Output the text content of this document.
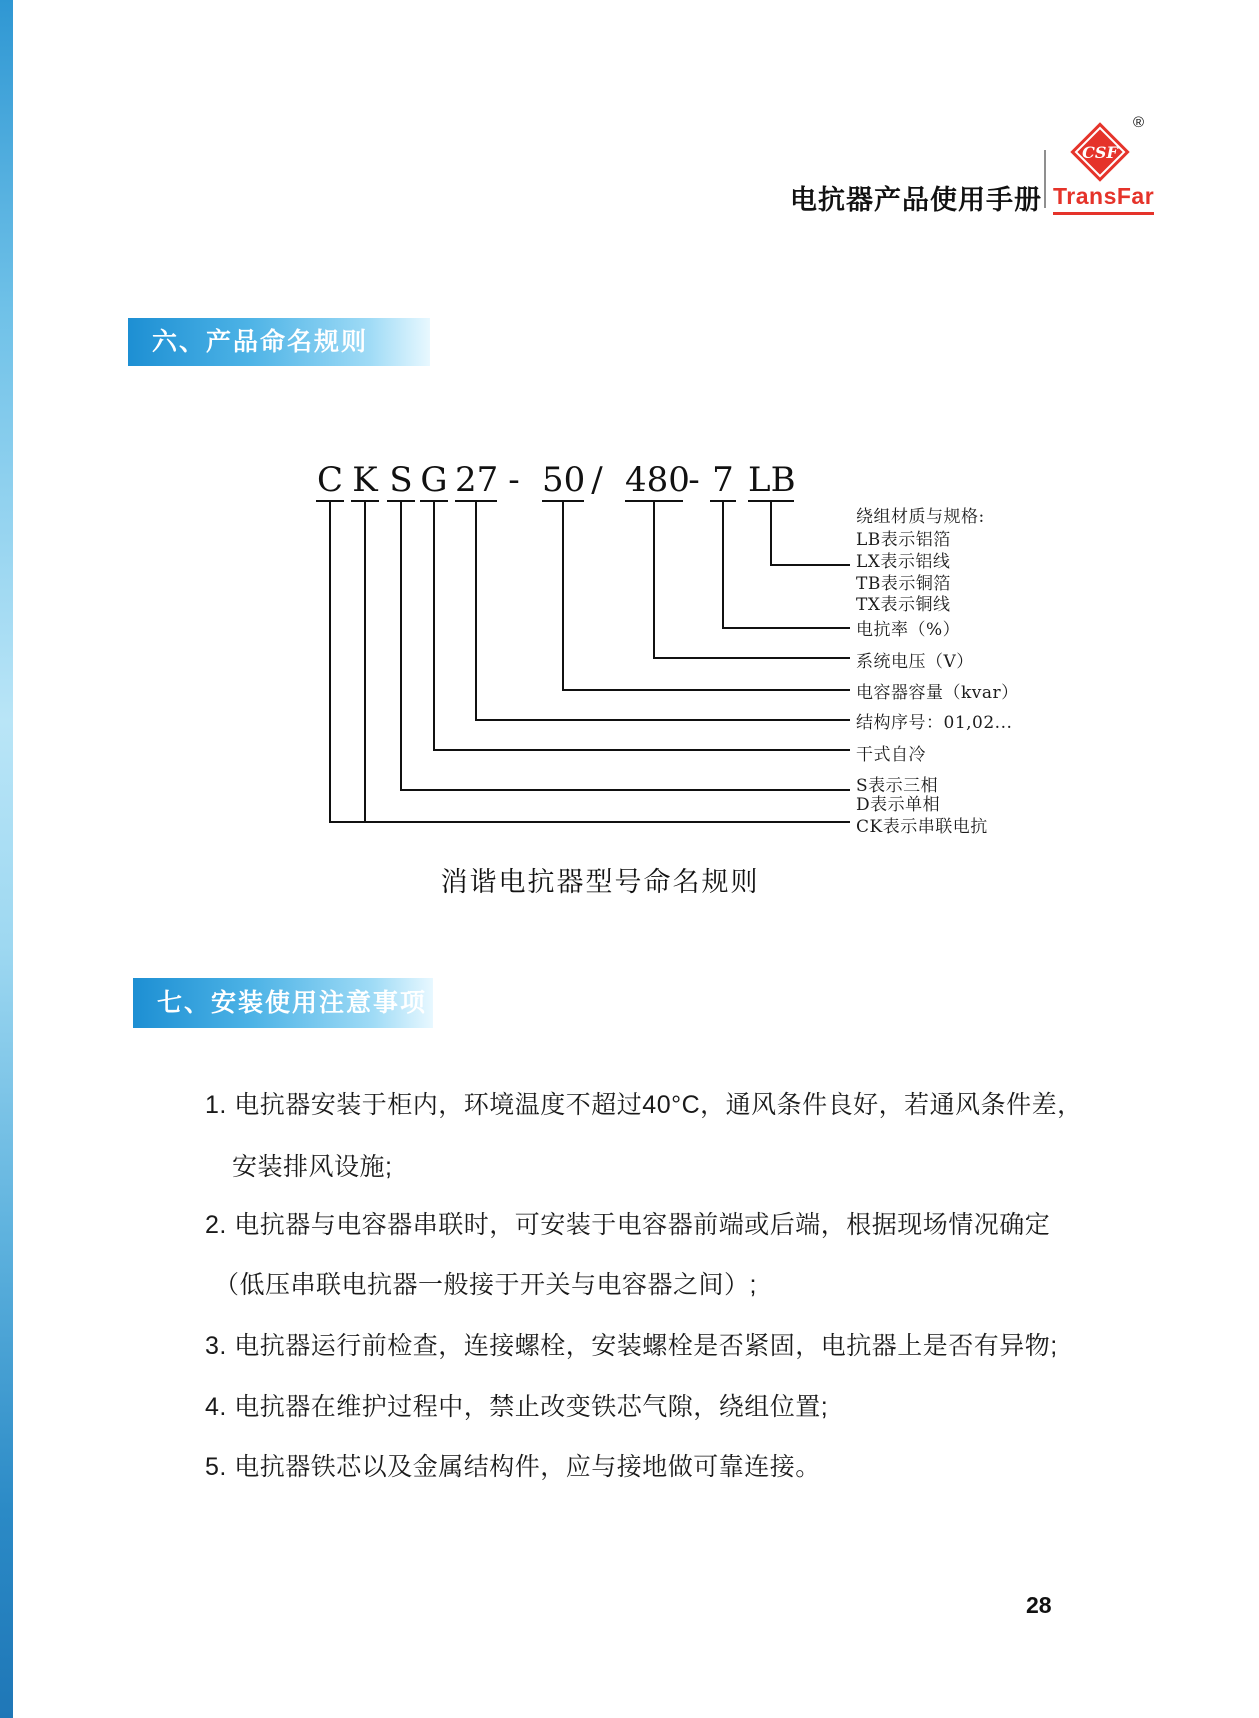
电抗器产品使用手册
CSF
®
TransFar
六、产品命名规则
C K S G 27 - 50 / 480
- 7 LB
绕组材质与规格:
LB表示铝箔
LX表示铝线
TB表示铜箔
TX表示铜线
电抗率（%）
系统电压（V）
电容器容量（kvar）
结构序号：01,02...
干式自冷
S表示三相
D表示单相
CK表示串联电抗
消谐电抗器型号命名规则
七、安装使用注意事项
1. 电抗器安装于柜内，环境温度不超过40°C，通风条件良好，若通风条件差，
安装排风设施;
2. 电抗器与电容器串联时，可安装于电容器前端或后端，根据现场情况确定
（低压串联电抗器一般接于开关与电容器之间）;
3. 电抗器运行前检查，连接螺栓，安装螺栓是否紧固，电抗器上是否有异物;
4. 电抗器在维护过程中，禁止改变铁芯气隙，绕组位置;
5. 电抗器铁芯以及金属结构件，应与接地做可靠连接。
28
